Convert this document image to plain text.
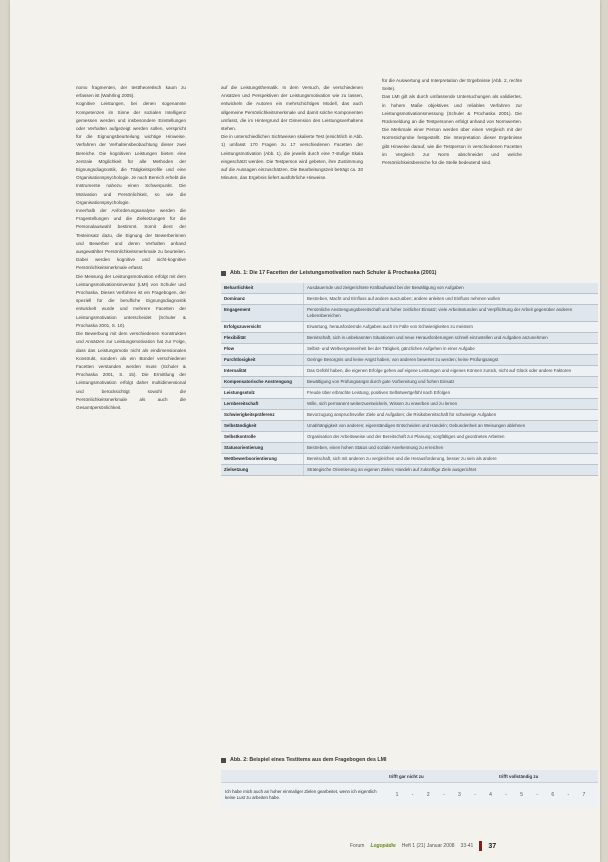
nomo fragmenten, der testtheoretisch kaum zu erfassen ist (Wahrling 2005).

Kognitive Leistungen, bei denen sogenannte Kompetenzen im Sinne der sozialen Intelligenz gemessen werden und insbesondere Einstellungen oder Verhalten aufgezeigt werden sollen, verspricht für die Eignungsbeurteilung wichtige Hinweise. Verfahren der Verhaltensbeobachtung dieser zwei Bereiche. Die kognitiven Leistungen bieten eine zentrale Möglichkeit für alle Methoden der Eignungsdiagnostik, die Tätigkeitsprofile und eine Organisationspsychologie. Je nach Bereich erhebt die Instrumente nahezu einen Schwerpunkt. Die Motivation und Persönlichkeit, so wie die Organisationspsychologie.

Innerhalb der Anforderungsanalyse werden die Fragestellungen und die Zielsetzungen für die Personalauswahl bestimmt. Somit dient der Testeinsatz dazu, die Eignung der Bewerberinnen und Bewerber und deren Verhalten anhand ausgewählter Persönlichkeitsmerkmale zu beurteilen. Dabei werden kognitive und nicht-kognitive Persönlichkeitsmerkmale erfasst.

Die Messung der Leistungsmotivation erfolgt mit dem Leistungsmotivationsinventar (LMI) von Schuler und Prochaska. Dieses Verfahren ist ein Fragebogen, der speziell für die berufliche Eignungsdiagnostik entwickelt wurde und mehrere Facetten der Leistungsmotivation unterscheidet (Schuler & Prochaska 2001, S. 10).

Die Bewerbung mit dem verschiedenen Konstrukten und Ansätzen zur Leistungsmotivation hat zur Folge, dass das Leistungsmotiv nicht als eindimensionales Konstrukt, sondern als ein Bündel verschiedener Facetten verstanden werden muss (Schuler & Prochaska 2001, S. 15). Die Ermittlung der Leistungsmotivation erfolgt daher multidimensional und berücksichtigt sowohl die Persönlichkeitsmerkmale als auch die Gesamtpersönlichkeit.

auf die Leistungsthematik. In dem Versuch, die verschiedenen Ansätzen und Perspektiven der Leistungsmotivation wie zu lassen, entwickeln die Autoren ein mehrschichtiges Modell, das auch allgemeine Persönlichkeitsmerkmale und damit solche Komponenten umfasst, die im Hintergrund der Dimension des Leistungsverhaltens stehen.

Die in unterschiedlichen Sichtweisen skalierte Test (ersichtlich in Abb. 1) umfasst 170 Fragen zu 17 verschiedenen Facetten der Leistungsmotivation (Abb. 1), die jeweils durch eine 7-stufige Skala eingeschätzt werden. Die Testperson wird gebeten, ihre Zustimmung auf die Aussagen einzuschätzen. Die Bearbeitungszeit beträgt ca. 30 Minuten, das Ergebnis liefert ausführliche Hinweise.

für die Auswertung und Interpretation der Ergebnisse (Abb. 2, rechte Seite).

Das LMI gilt als durch umfassende Untersuchungen als validiertes, in hohem Maße objektives und reliables Verfahren zur Leistungsmotivationsmessung (Schuler & Prochaska 2001). Die Rückmeldung an die Testpersonen erfolgt anhand von Normwerten. Die Merkmale einer Person werden über einen Vergleich mit der Normstichprobe festgestellt. Die Interpretation dieser Ergebnisse gibt Hinweise darauf, wie die Testperson in verschiedenen Facetten im Vergleich zur Norm abschneidet und welche Persönlichkeitsbereiche für die Stelle bedeutend sind.

Abb. 1: Die 17 Facetten der Leistungsmotivation nach Schuler & Prochaska (2001)
Beharrlichkeit	Ausdauernde und zielgerichtete Kraftaufwand bei der Bewältigung von Aufgaben
Dominanz	Bestreben, Macht und Einfluss auf andere auszuüben; andere anleiten und Einfluss nehmen wollen
Engagement	Persönliche Anstrengungsbereitschaft und hoher zeitlicher Einsatz; viele Arbeitsstunden und Verpflichtung der Arbeit gegenüber anderen Lebensbereichen
Erfolgszuversicht	Erwartung, herausfordernde Aufgaben auch im Falle von Schwierigkeiten zu meistern
Flexibilität	Bereitschaft, sich in unbekannten Situationen und neue Herausforderungen schnell einzustellen und Aufgaben anzunehmen
Flow	Selbst- und Weltvergessenheit bei der Tätigkeit, gänzliches Aufgehen in einer Aufgabe
Furchtlosigkeit	Geringe Besorgnis und keine Angst haben, von anderen bewertet zu werden; keine Prüfungsangst
Internalität	Das Gefühl haben, die eigenen Erfolge gehen auf eigene Leistungen und eigenes Können zurück, nicht auf Glück oder andere Faktoren
Kompensatorische Anstrengung	Bewältigung von Prüfungsangst durch gute Vorbereitung und hohen Einsatz
Leistungsstolz	Freude über erbrachte Leistung, positives Selbstwertgefühl nach Erfolgen
Lernbereitschaft	Wille, sich permanent weiterzuentwickeln, Wissen zu erwerben und zu lernen
Schwierigkeitspräferenz	Bevorzugung anspruchsvoller Ziele und Aufgaben; die Risikobereitschaft für schwierige Aufgaben
Selbständigkeit	Unabhängigkeit von anderen; eigenständiges Entscheiden und Handeln; Gebundenheit an Weisungen ablehnen
Selbstkontrolle	Organisation der Arbeitsweise und der Bereitschaft zur Planung; sorgfältiges und geordnetes Arbeiten
Statusorientierung	Bestreben, einen hohen Status und soziale Anerkennung zu erreichen
Wettbewerbsorientierung	Bereitschaft, sich mit anderen zu vergleichen und die Herausforderung, besser zu sein als andere
Zielsetzung	Strategische Orientierung an eigenen Zielen; Handeln auf zukünftige Ziele ausgerichtet
Abb. 2: Beispiel eines Testitems aus dem Fragebogen des LMI
trifft gar nicht zu	trifft vollständig zu
Ich habe mich auch an hoher einmaliger Zielen gearbeitet, wenn ich eigentlich keine Lust zu arbeiten habe.	1	-	2	-	3	-	4	-	5	-	6	-	7
Forum Logopädie Heft 1 (21) Januar 2008 33-41 37
